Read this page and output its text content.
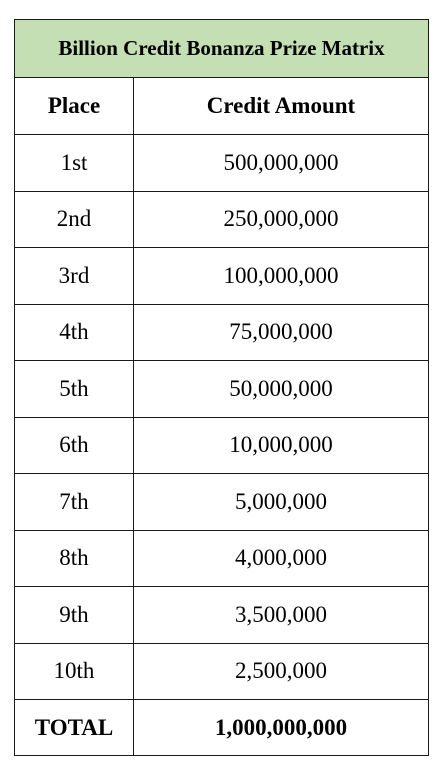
Billion Credit Bonanza Prize Matrix	
Place	Credit Amount
1st	500,000,000
2nd	250,000,000
3rd	100,000,000
4th	75,000,000
5th	50,000,000
6th	10,000,000
7th	5,000,000
8th	4,000,000
9th	3,500,000
10th	2,500,000
TOTAL	1,000,000,000
